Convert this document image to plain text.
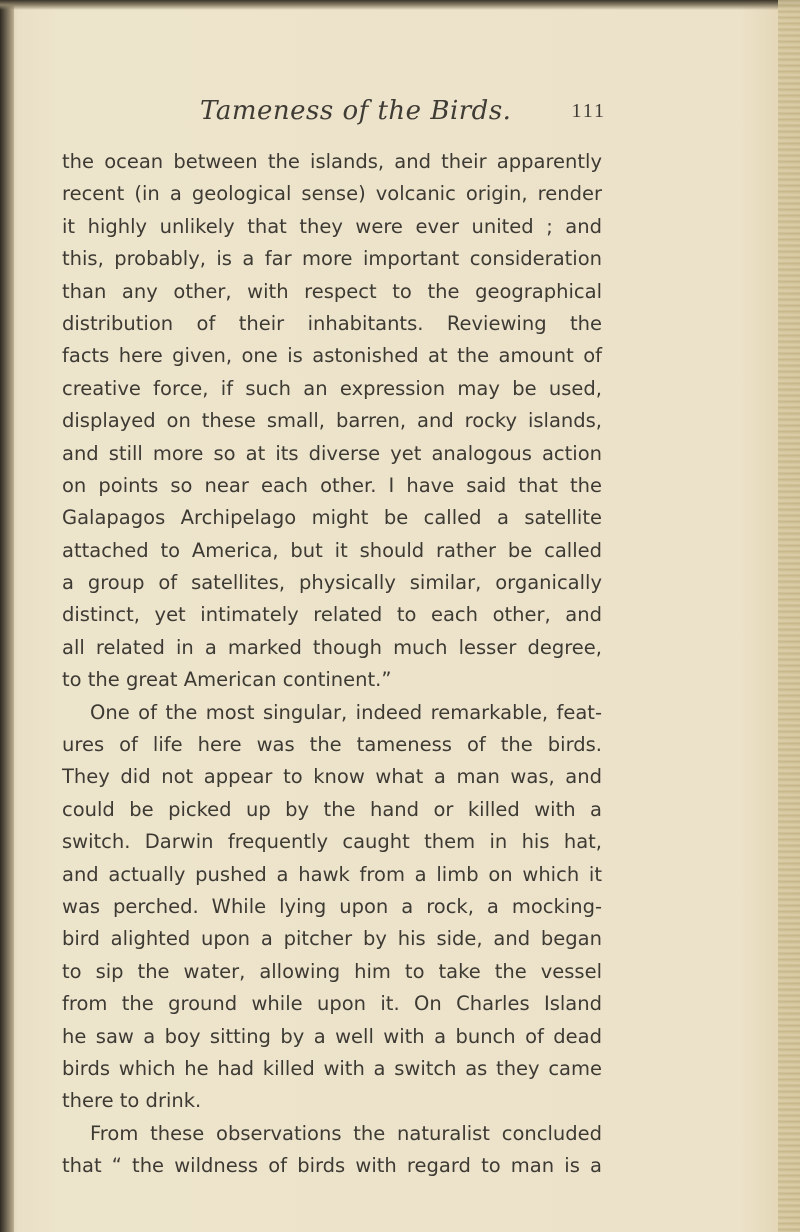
Tameness of the Birds.	111
the ocean between the islands, and their apparently
recent (in a geological sense) volcanic origin, render
it highly unlikely that they were ever united ; and
this, probably, is a far more important consideration
than any other, with respect to the geographical
distribution of their inhabitants. Reviewing the
facts here given, one is astonished at the amount of
creative force, if such an expression may be used,
displayed on these small, barren, and rocky islands,
and still more so at its diverse yet analogous action
on points so near each other. I have said that the
Galapagos Archipelago might be called a satellite
attached to America, but it should rather be called
a group of satellites, physically similar, organically
distinct, yet intimately related to each other, and
all related in a marked though much lesser degree,
to the great American continent.”
One of the most singular, indeed remarkable, feat-
ures of life here was the tameness of the birds.
They did not appear to know what a man was, and
could be picked up by the hand or killed with a
switch. Darwin frequently caught them in his hat,
and actually pushed a hawk from a limb on which it
was perched. While lying upon a rock, a mocking-
bird alighted upon a pitcher by his side, and began
to sip the water, allowing him to take the vessel
from the ground while upon it. On Charles Island
he saw a boy sitting by a well with a bunch of dead
birds which he had killed with a switch as they came
there to drink.
From these observations the naturalist concluded
that “ the wildness of birds with regard to man is a
